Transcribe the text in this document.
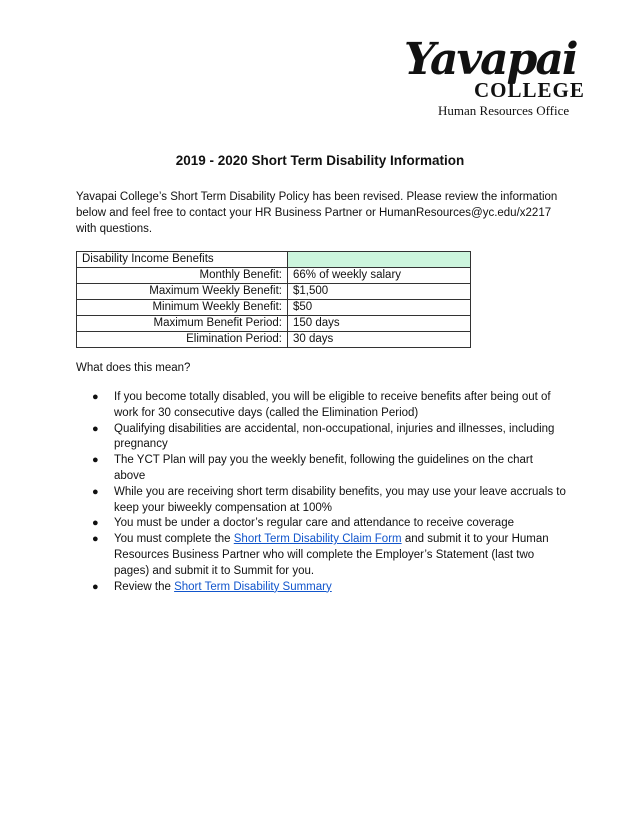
Yavapai
COLLEGE
Human Resources Office
2019 - 2020 Short Term Disability Information
Yavapai College’s Short Term Disability Policy has been revised. Please review the information below and feel free to contact your HR Business Partner or HumanResources@yc.edu/x2217 with questions.
Disability Income Benefits	
Monthly Benefit:	66% of weekly salary
Maximum Weekly Benefit:	$1,500
Minimum Weekly Benefit:	$50
Maximum Benefit Period:	150 days
Elimination Period:	30 days
What does this mean?
● If you become totally disabled, you will be eligible to receive benefits after being out of work for 30 consecutive days (called the Elimination Period)
● Qualifying disabilities are accidental, non-occupational, injuries and illnesses, including pregnancy
● The YCT Plan will pay you the weekly benefit, following the guidelines on the chart above
● While you are receiving short term disability benefits, you may use your leave accruals to keep your biweekly compensation at 100%
● You must be under a doctor’s regular care and attendance to receive coverage
● You must complete the Short Term Disability Claim Form and submit it to your Human Resources Business Partner who will complete the Employer’s Statement (last two pages) and submit it to Summit for you.
● Review the Short Term Disability Summary
